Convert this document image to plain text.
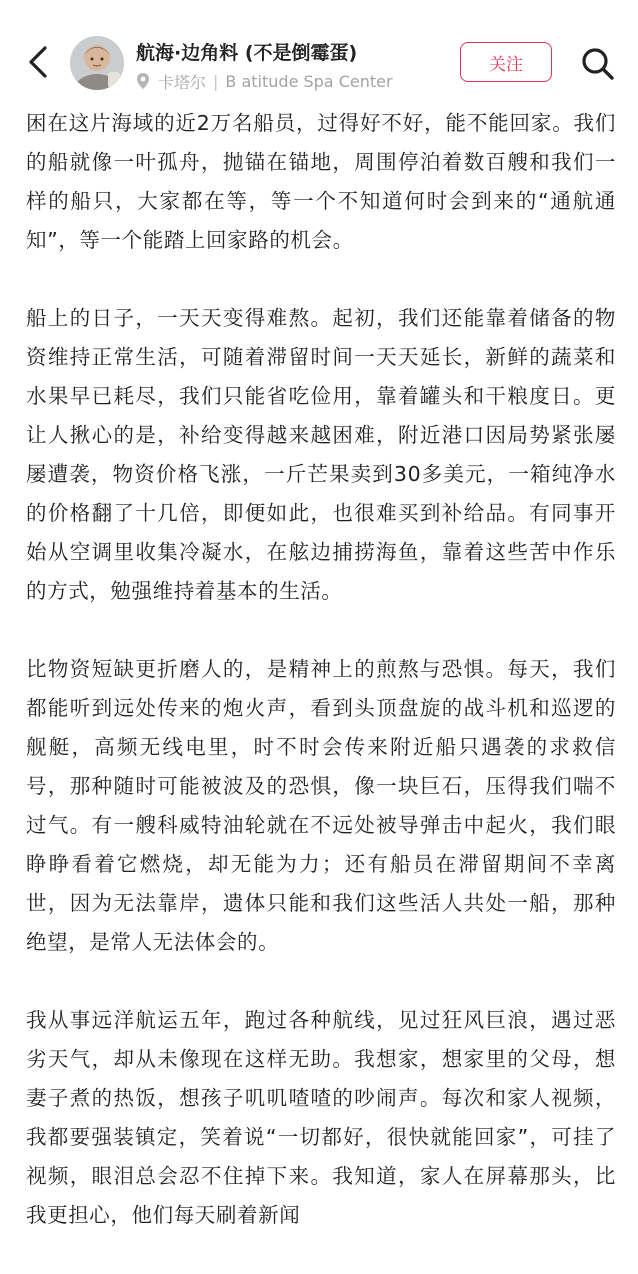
航海·边角料 (不是倒霉蛋)
卡塔尔 | B atitude Spa Center
关注

困在这片海域的近2万名船员，过得好不好，能不能回家。我们的船就像一叶孤舟，抛锚在锚地，周围停泊着数百艘和我们一样的船只，大家都在等，等一个不知道何时会到来的“通航通知”，等一个能踏上回家路的机会。

船上的日子，一天天变得难熬。起初，我们还能靠着储备的物资维持正常生活，可随着滞留时间一天天延长，新鲜的蔬菜和水果早已耗尽，我们只能省吃俭用，靠着罐头和干粮度日。更让人揪心的是，补给变得越来越困难，附近港口因局势紧张屡屡遭袭，物资价格飞涨，一斤芒果卖到30多美元，一箱纯净水的价格翻了十几倍，即便如此，也很难买到补给品。有同事开始从空调里收集冷凝水，在舷边捕捞海鱼，靠着这些苦中作乐的方式，勉强维持着基本的生活。

比物资短缺更折磨人的，是精神上的煎熬与恐惧。每天，我们都能听到远处传来的炮火声，看到头顶盘旋的战斗机和巡逻的舰艇，高频无线电里，时不时会传来附近船只遇袭的求救信号，那种随时可能被波及的恐惧，像一块巨石，压得我们喘不过气。有一艘科威特油轮就在不远处被导弹击中起火，我们眼睁睁看着它燃烧，却无能为力；还有船员在滞留期间不幸离世，因为无法靠岸，遗体只能和我们这些活人共处一船，那种绝望，是常人无法体会的。

我从事远洋航运五年，跑过各种航线，见过狂风巨浪，遇过恶劣天气，却从未像现在这样无助。我想家，想家里的父母，想妻子煮的热饭，想孩子叽叽喳喳的吵闹声。每次和家人视频，我都要强装镇定，笑着说“一切都好，很快就能回家”，可挂了视频，眼泪总会忍不住掉下来。我知道，家人在屏幕那头，比我更担心，他们每天刷着新闻
